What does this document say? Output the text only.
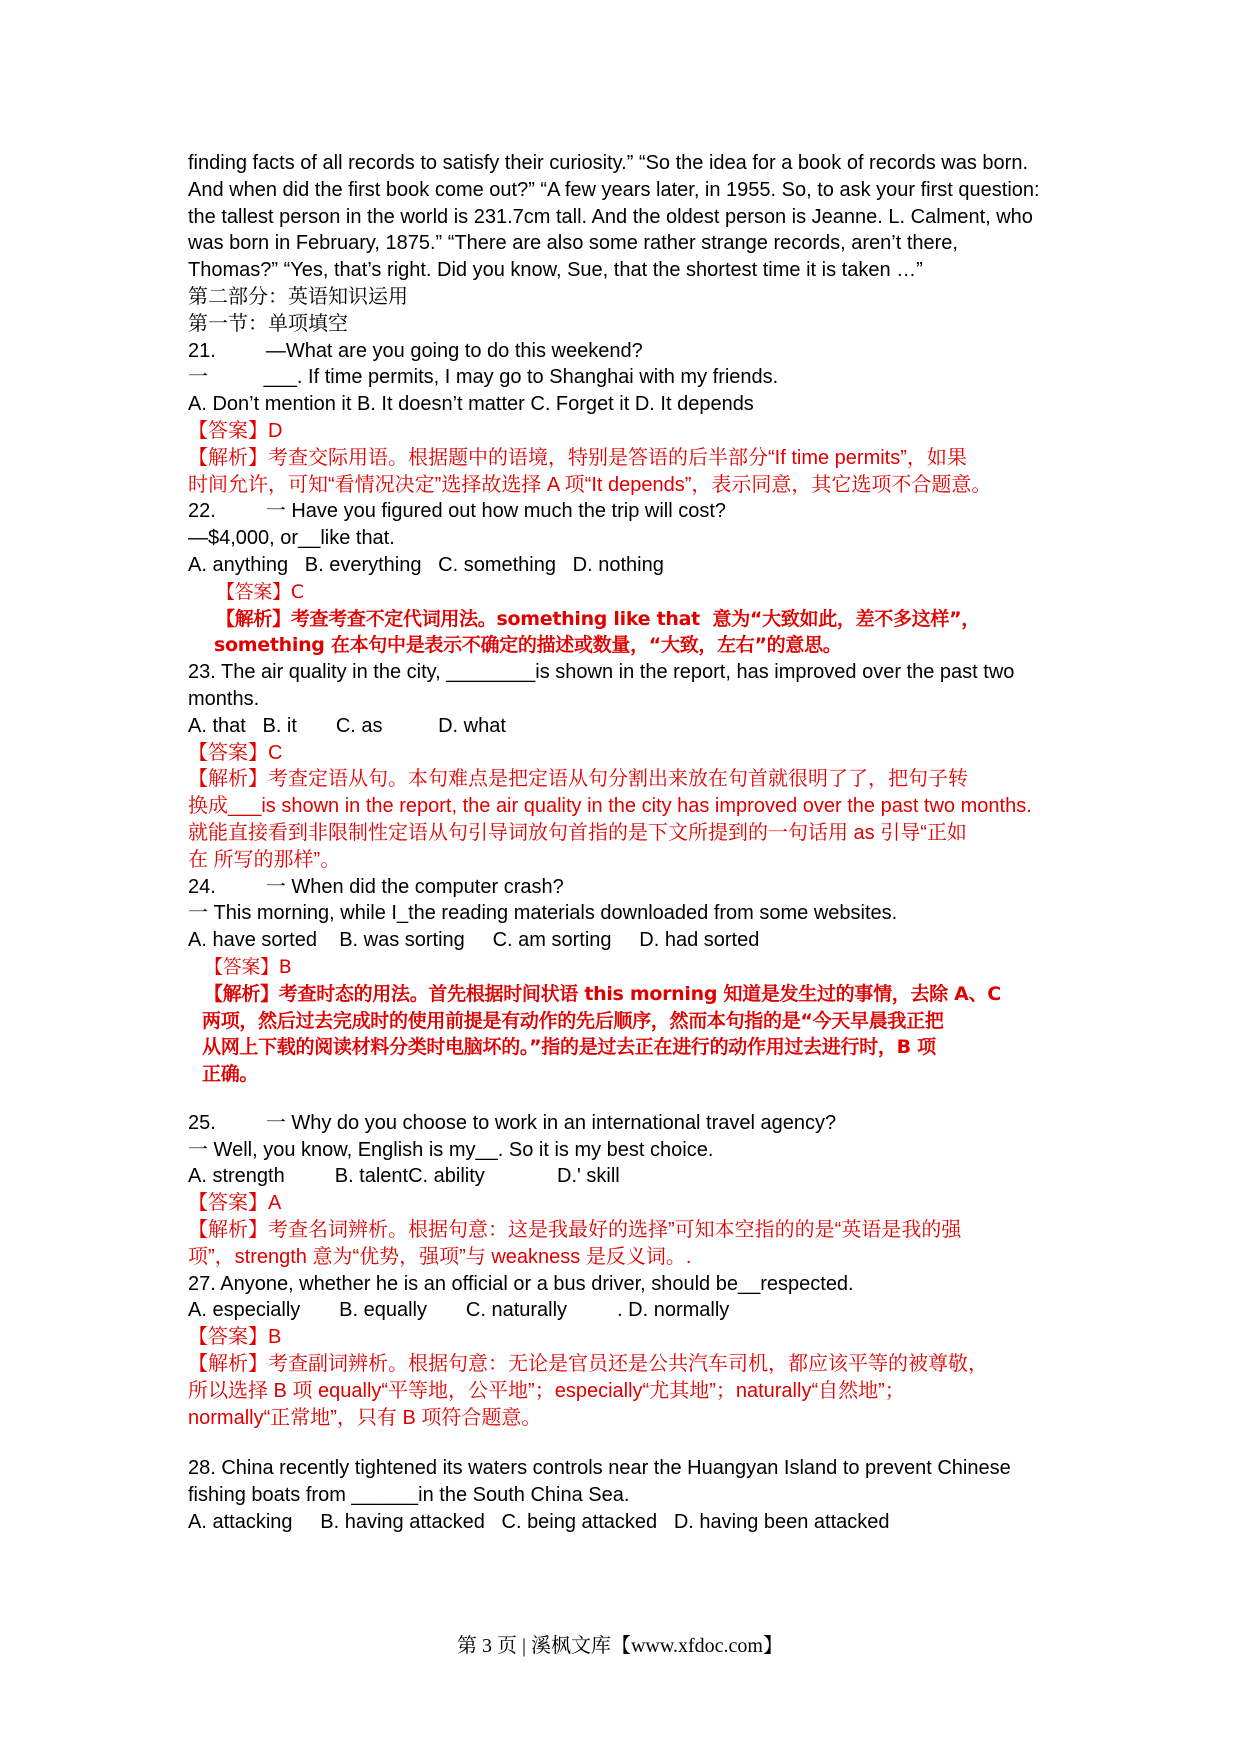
finding facts of all records to satisfy their curiosity.” “So the idea for a book of records was born.

And when did the first book come out?” “A few years later, in 1955. So, to ask your first question:

the tallest person in the world is 231.7cm tall. And the oldest person is Jeanne. L. Calment, who

was born in February, 1875.” “There are also some rather strange records, aren’t there,

Thomas?” “Yes, that’s right. Did you know, Sue, that the shortest time it is taken …”

第二部分：英语知识运用

第一节：单项填空

21.         —What are you going to do this weekend?

一          ___. If time permits, I may go to Shanghai with my friends.

A. Don’t mention it B. It doesn’t matter C. Forget it D. It depends

【答案】D

【解析】考查交际用语。根据题中的语境，特别是答语的后半部分“If time permits”，如果

时间允许，可知“看情况决定”选择故选择 A 项“It depends”，表示同意，其它选项不合题意。

22.         一 Have you figured out how much the trip will cost?

—$4,000, or__like that.

A. anything   B. everything   C. something   D. nothing

【答案】C

【解析】考查考查不定代词用法。something like that  意为“大致如此，差不多这样”，

something 在本句中是表示不确定的描述或数量，“大致，左右”的意思。

23. The air quality in the city, ________is shown in the report, has improved over the past two

months.

A. that   B. it       C. as          D. what

【答案】C

【解析】考查定语从句。本句难点是把定语从句分割出来放在句首就很明了了，把句子转

换成___is shown in the report, the air quality in the city has improved over the past two months.

就能直接看到非限制性定语从句引导词放句首指的是下文所提到的一句话用 as 引导“正如

在 所写的那样”。

24.         一 When did the computer crash?

一 This morning, while I_the reading materials downloaded from some websites.

A. have sorted    B. was sorting     C. am sorting     D. had sorted

【答案】B

【解析】考查时态的用法。首先根据时间状语 this morning 知道是发生过的事情，去除 A、C

两项，然后过去完成时的使用前提是有动作的先后顺序，然而本句指的是“今天早晨我正把

从网上下载的阅读材料分类时电脑坏的。”指的是过去正在进行的动作用过去进行时，B 项

正确。

25.         一 Why do you choose to work in an international travel agency?

一 Well, you know, English is my__. So it is my best choice.

A. strength         B. talentC. ability             D.' skill

【答案】A

【解析】考查名词辨析。根据句意：这是我最好的选择”可知本空指的的是“英语是我的强

项”，strength 意为“优势，强项”与 weakness 是反义词。.

27. Anyone, whether he is an official or a bus driver, should be__respected.

A. especially       B. equally       C. naturally         . D. normally

【答案】B

【解析】考查副词辨析。根据句意：无论是官员还是公共汽车司机，都应该平等的被尊敬，

所以选择 B 项 equally“平等地，公平地”；especially“尤其地”；naturally“自然地”；

normally“正常地”，只有 B 项符合题意。

28. China recently tightened its waters controls near the Huangyan Island to prevent Chinese

fishing boats from ______in the South China Sea.

A. attacking     B. having attacked   C. being attacked   D. having been attacked

第 3 页 | 溪枫文库【www.xfdoc.com】
